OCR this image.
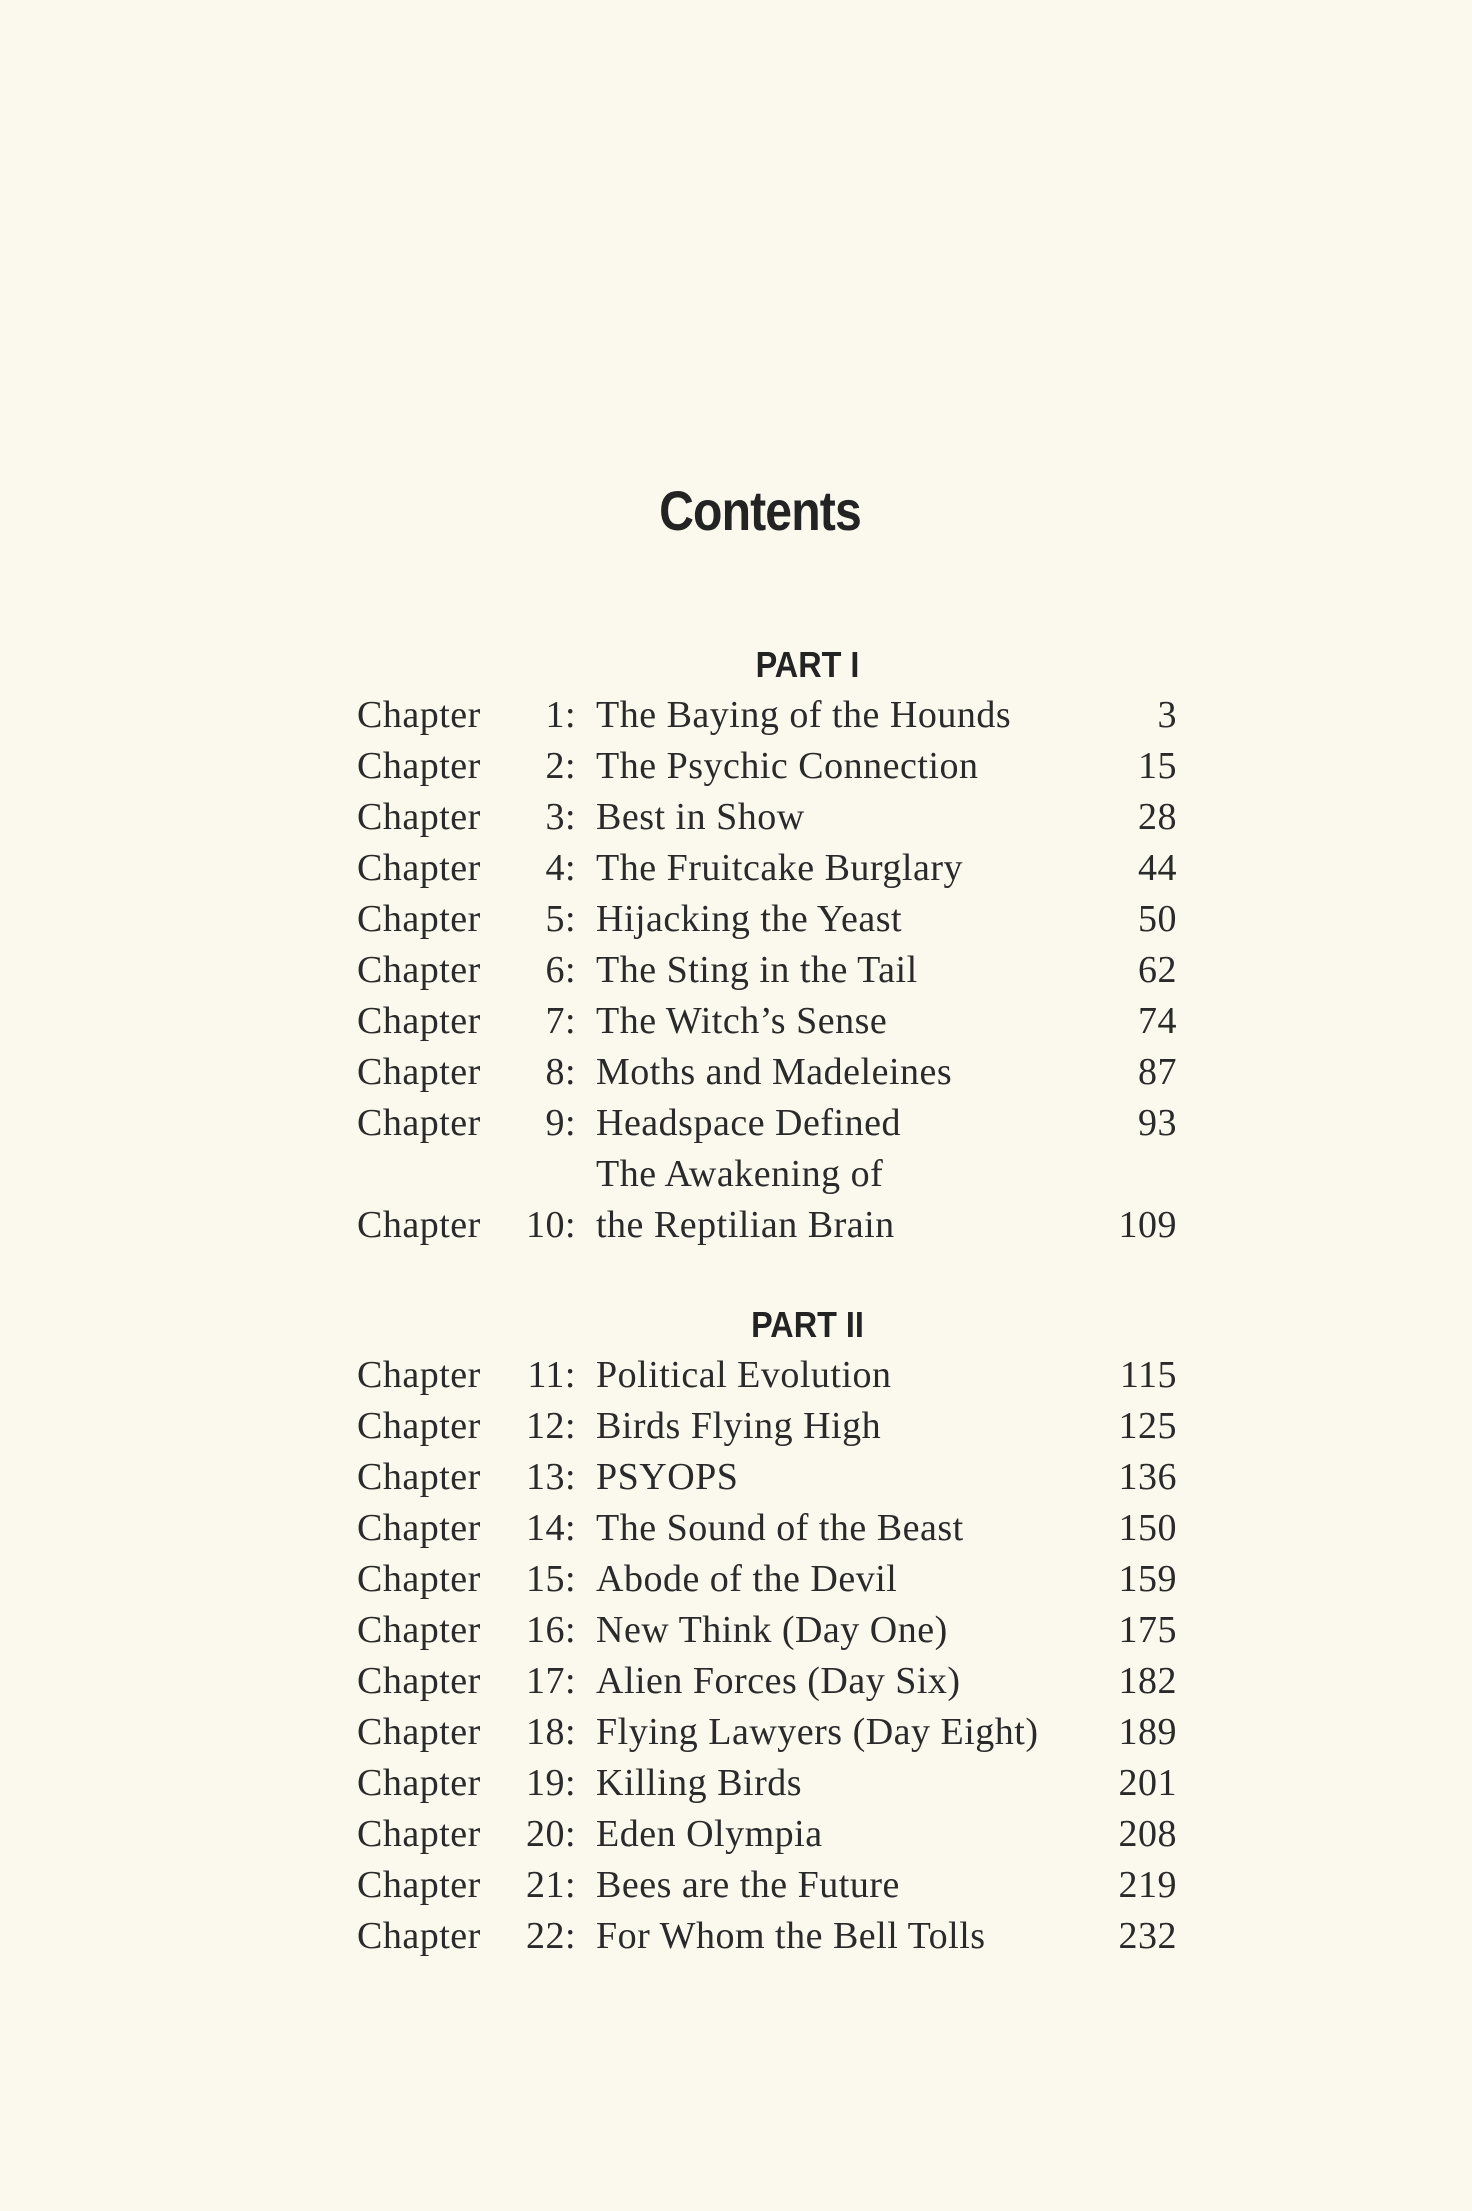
Contents
PART I
Chapter	1: The Baying of the Hounds	3
Chapter	2: The Psychic Connection	15
Chapter	3: Best in Show	28
Chapter	4: The Fruitcake Burglary	44
Chapter	5: Hijacking the Yeast	50
Chapter	6: The Sting in the Tail	62
Chapter	7: The Witch’s Sense	74
Chapter	8: Moths and Madeleines	87
Chapter	9: Headspace Defined	93
Chapter	10:
The Awakening of
the Reptilian Brain	109
PART II
Chapter	11: Political Evolution	115
Chapter	12: Birds Flying High	125
Chapter	13: PSYOPS	136
Chapter	14: The Sound of the Beast	150
Chapter	15: Abode of the Devil	159
Chapter	16: New Think (Day One)	175
Chapter	17: Alien Forces (Day Six)	182
Chapter	18: Flying Lawyers (Day Eight)	189
Chapter	19: Killing Birds	201
Chapter	20: Eden Olympia	208
Chapter	21: Bees are the Future	219
Chapter	22: For Whom the Bell Tolls	232
